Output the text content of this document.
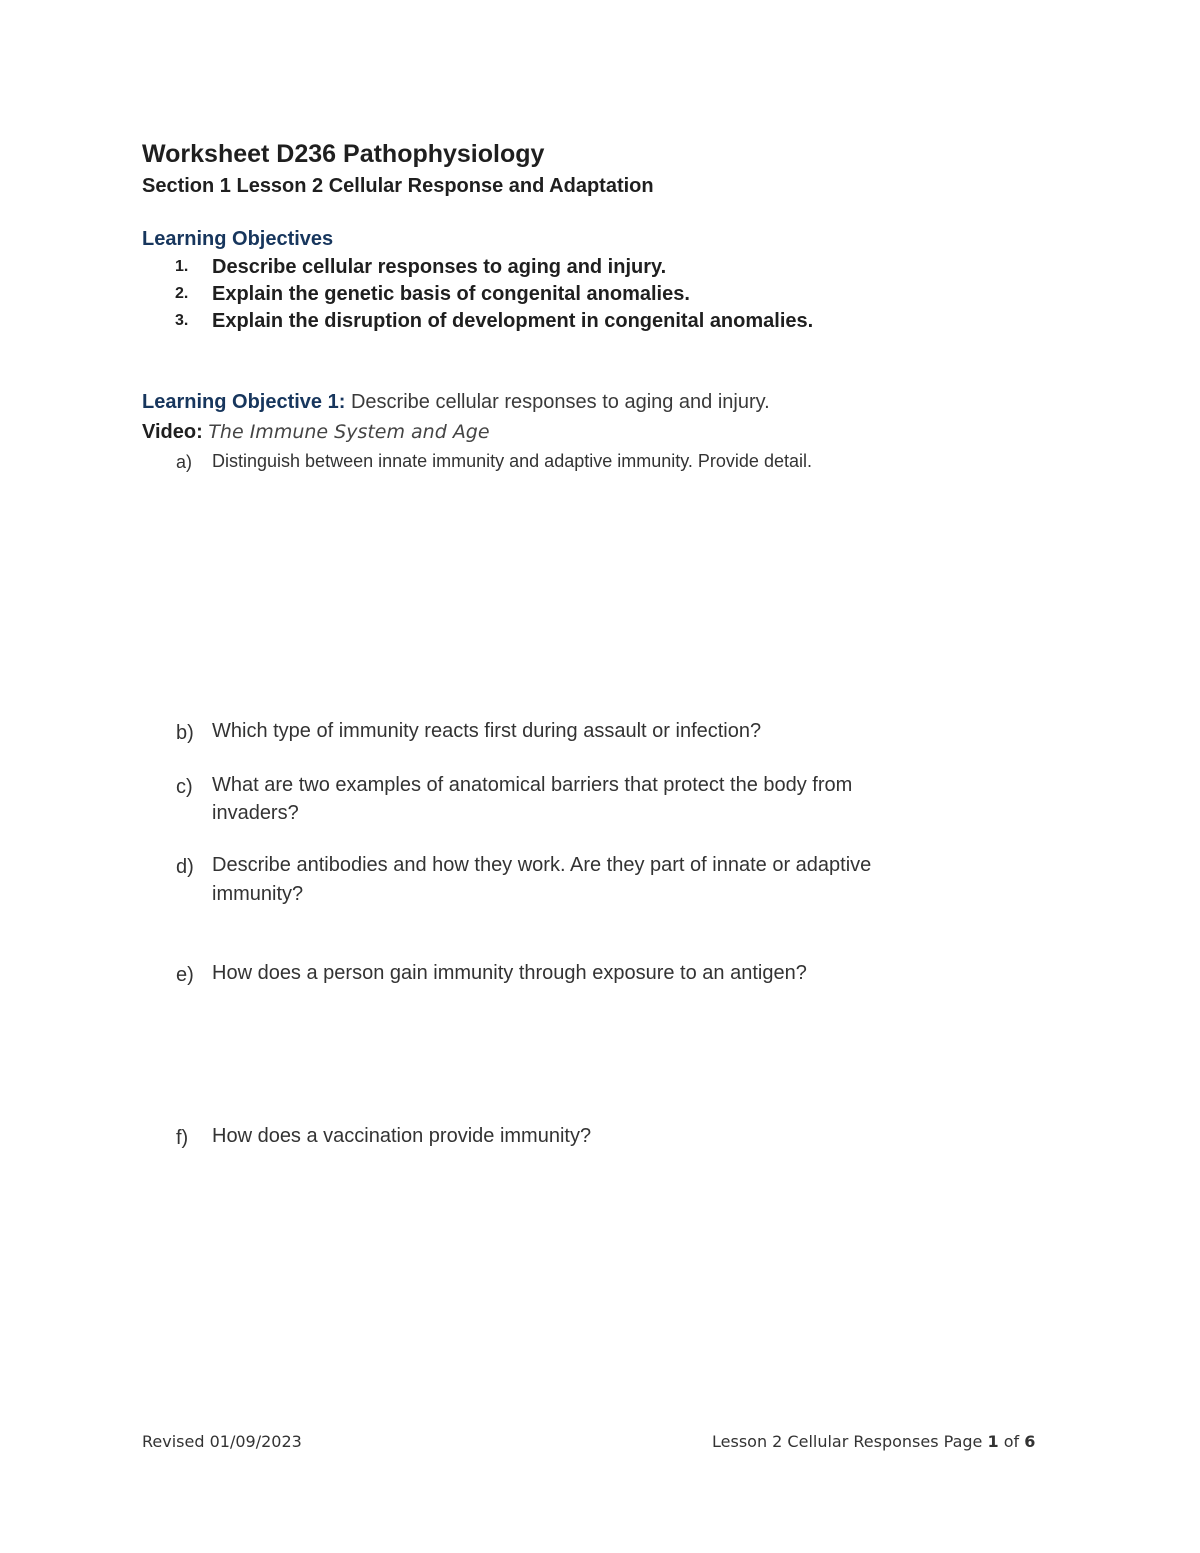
Worksheet D236 Pathophysiology
Section 1 Lesson 2 Cellular Response and Adaptation
Learning Objectives
1. Describe cellular responses to aging and injury.
2. Explain the genetic basis of congenital anomalies.
3. Explain the disruption of development in congenital anomalies.
Learning Objective 1: Describe cellular responses to aging and injury.
Video: The Immune System and Age
a) Distinguish between innate immunity and adaptive immunity. Provide detail.
b) Which type of immunity reacts first during assault or infection?
c) What are two examples of anatomical barriers that protect the body from
invaders?
d) Describe antibodies and how they work. Are they part of innate or adaptive
immunity?
e) How does a person gain immunity through exposure to an antigen?
f) How does a vaccination provide immunity?
Revised 01/09/2023	Lesson 2 Cellular Responses Page 1 of 6
